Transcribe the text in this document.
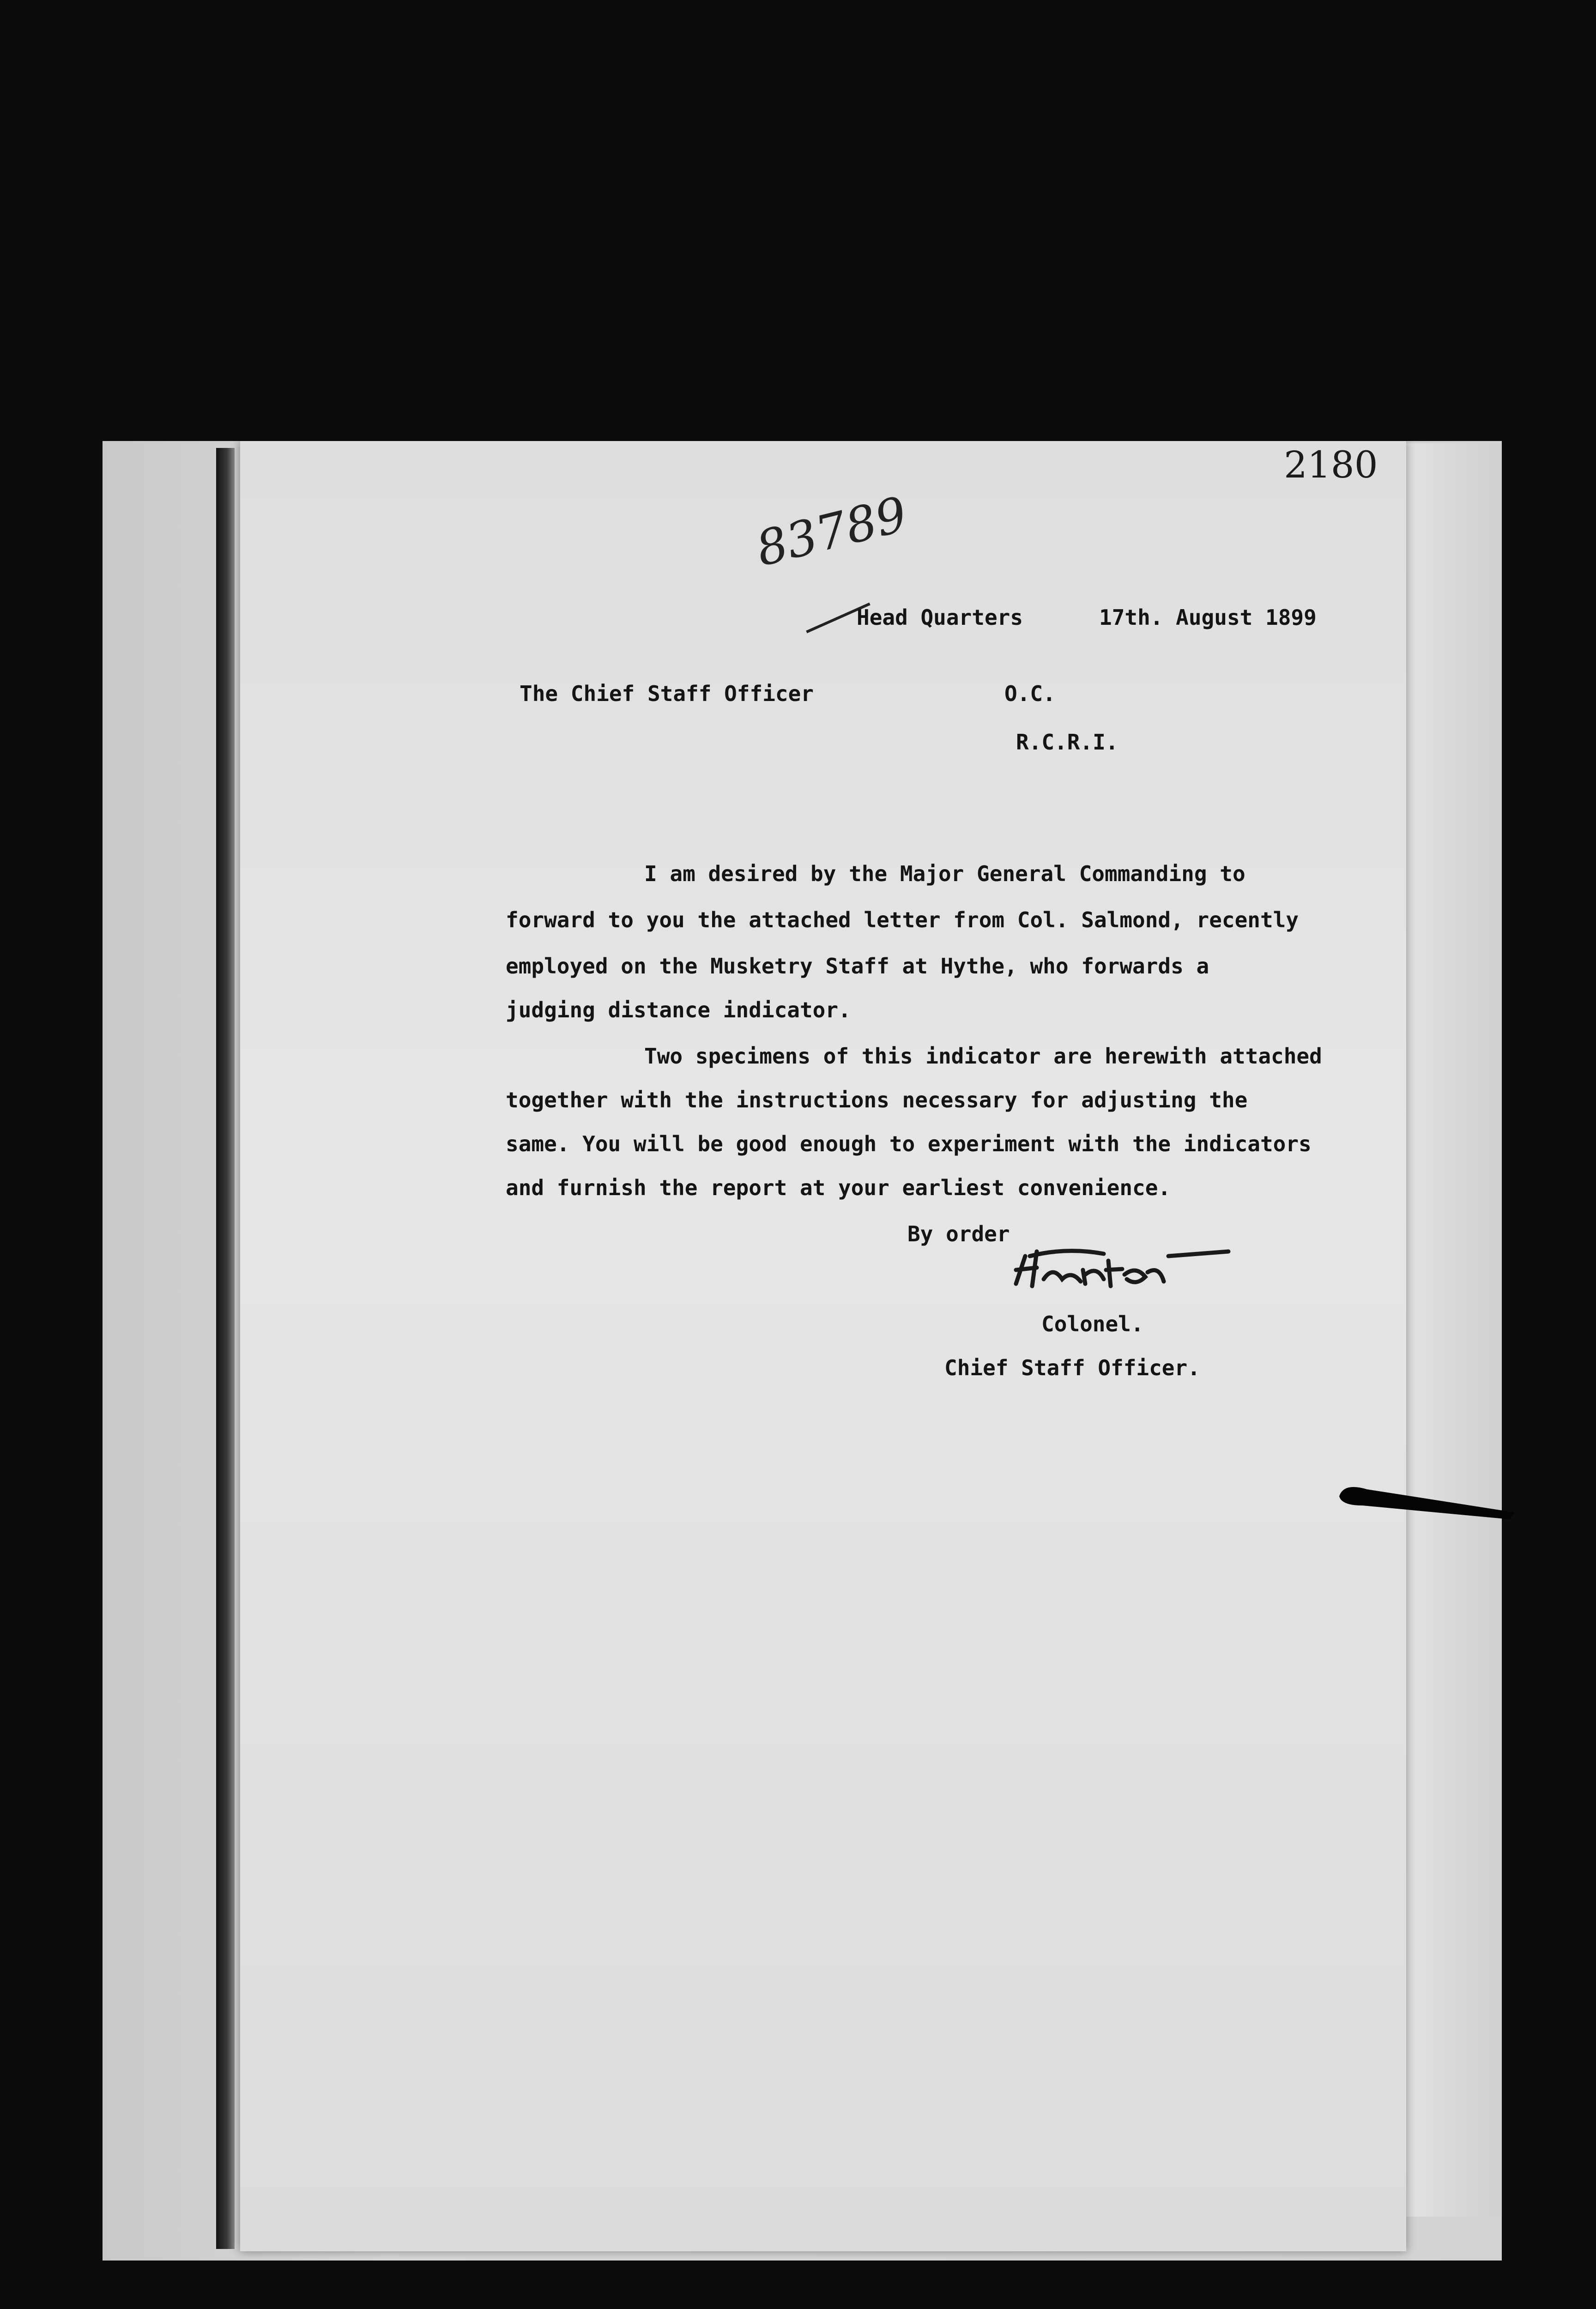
2180
83789
Head Quarters	17th. August 1899
The Chief Staff Officer	O.C.
R.C.R.I.
I am desired by the Major General Commanding to
forward to you the attached letter from Col. Salmond, recently
employed on the Musketry Staff at Hythe, who forwards a
judging distance indicator.
Two specimens of this indicator are herewith attached
together with the instructions necessary for adjusting the
same. You will be good enough to experiment with the indicators
and furnish the report at your earliest convenience.
By order
Colonel.
Chief Staff Officer.
